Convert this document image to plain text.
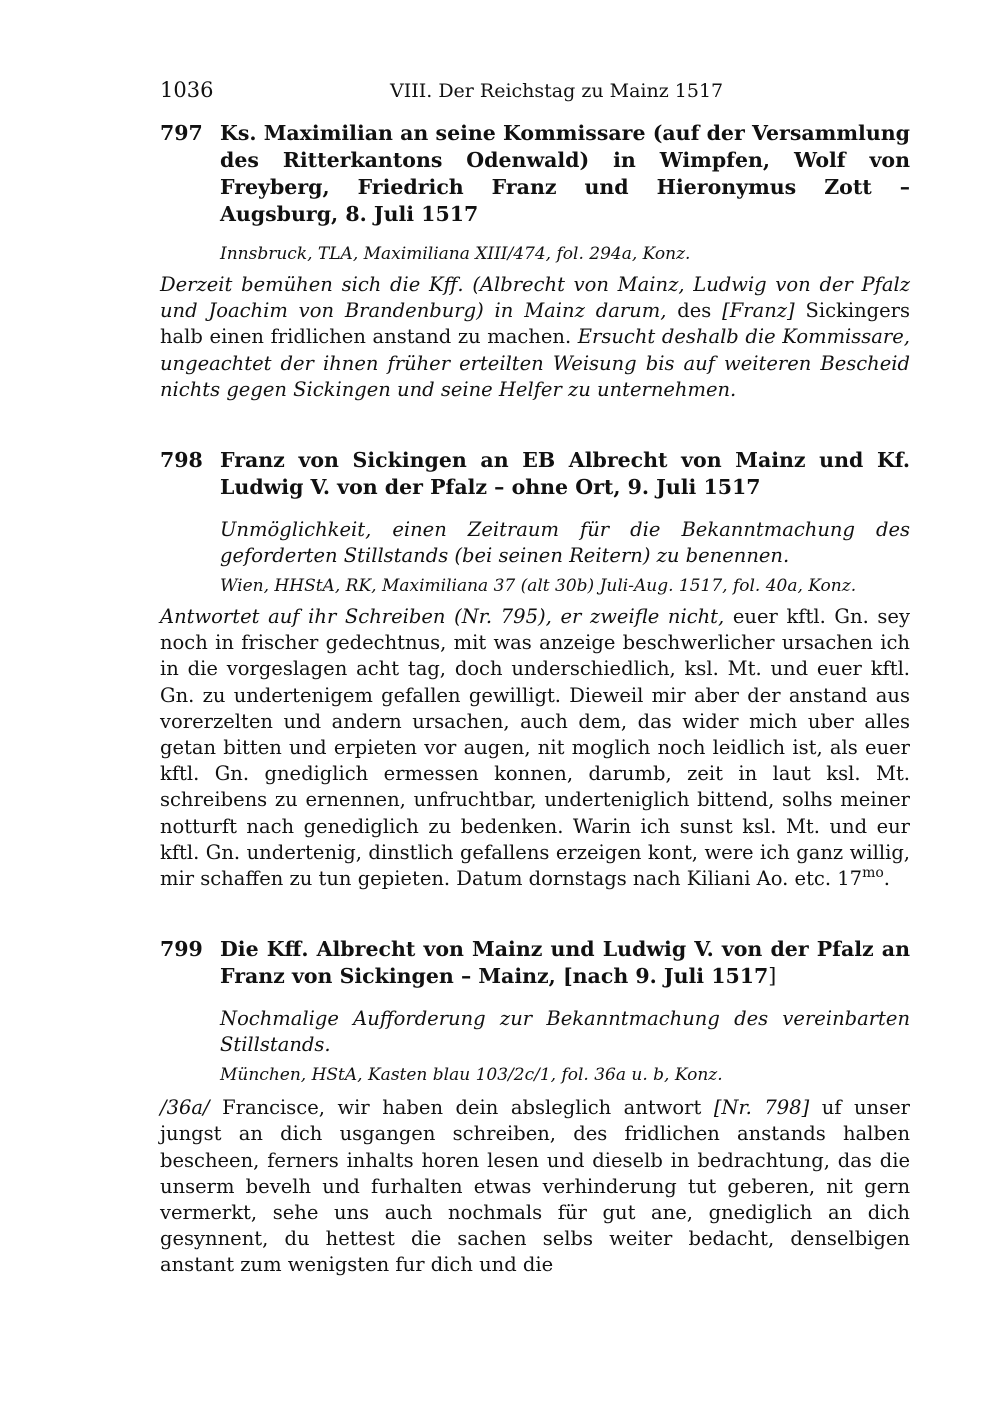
1036	VIII. Der Reichstag zu Mainz 1517
797 Ks. Maximilian an seine Kommissare (auf der Versammlung des Ritterkantons Odenwald) in Wimpfen, Wolf von Freyberg, Friedrich Franz und Hieronymus Zott – Augsburg, 8. Juli 1517
Innsbruck, TLA, Maximiliana XIII/474, fol. 294a, Konz.
Derzeit bemühen sich die Kff. (Albrecht von Mainz, Ludwig von der Pfalz und Joachim von Brandenburg) in Mainz darum, des [Franz] Sickingers halb einen fridlichen anstand zu machen. Ersucht deshalb die Kommissare, ungeachtet der ihnen früher erteilten Weisung bis auf weiteren Bescheid nichts gegen Sickingen und seine Helfer zu unternehmen.
798 Franz von Sickingen an EB Albrecht von Mainz und Kf. Ludwig V. von der Pfalz – ohne Ort, 9. Juli 1517
Unmöglichkeit, einen Zeitraum für die Bekanntmachung des geforderten Stillstands (bei seinen Reitern) zu benennen.
Wien, HHStA, RK, Maximiliana 37 (alt 30b) Juli-Aug. 1517, fol. 40a, Konz.
Antwortet auf ihr Schreiben (Nr. 795), er zweifle nicht, euer kftl. Gn. sey noch in frischer gedechtnus, mit was anzeige beschwerlicher ursachen ich in die vorgeslagen acht tag, doch underschiedlich, ksl. Mt. und euer kftl. Gn. zu undertenigem gefallen gewilligt. Dieweil mir aber der anstand aus vorerzelten und andern ursachen, auch dem, das wider mich uber alles getan bitten und erpieten vor augen, nit moglich noch leidlich ist, als euer kftl. Gn. gnediglich ermessen konnen, darumb, zeit in laut ksl. Mt. schreibens zu ernennen, unfruchtbar, underteniglich bittend, solhs meiner notturft nach genediglich zu bedenken. Warin ich sunst ksl. Mt. und eur kftl. Gn. undertenig, dinstlich gefallens erzeigen kont, were ich ganz willig, mir schaffen zu tun gepieten. Datum dornstags nach Kiliani Ao. etc. $17^{mo}$.
799 Die Kff. Albrecht von Mainz und Ludwig V. von der Pfalz an Franz von Sickingen – Mainz, [nach 9. Juli 1517]
Nochmalige Aufforderung zur Bekanntmachung des vereinbarten Stillstands.
München, HStA, Kasten blau 103/2c/1, fol. 36a u. b, Konz.
/36a/ Francisce, wir haben dein absleglich antwort [Nr. 798] uf unser jungst an dich usgangen schreiben, des fridlichen anstands halben bescheen, ferners inhalts horen lesen und dieselb in bedrachtung, das die unserm bevelh und furhalten etwas verhinderung tut geberen, nit gern vermerkt, sehe uns auch nochmals für gut ane, gnediglich an dich gesynnent, du hettest die sachen selbs weiter bedacht, denselbigen anstant zum wenigsten fur dich und die
